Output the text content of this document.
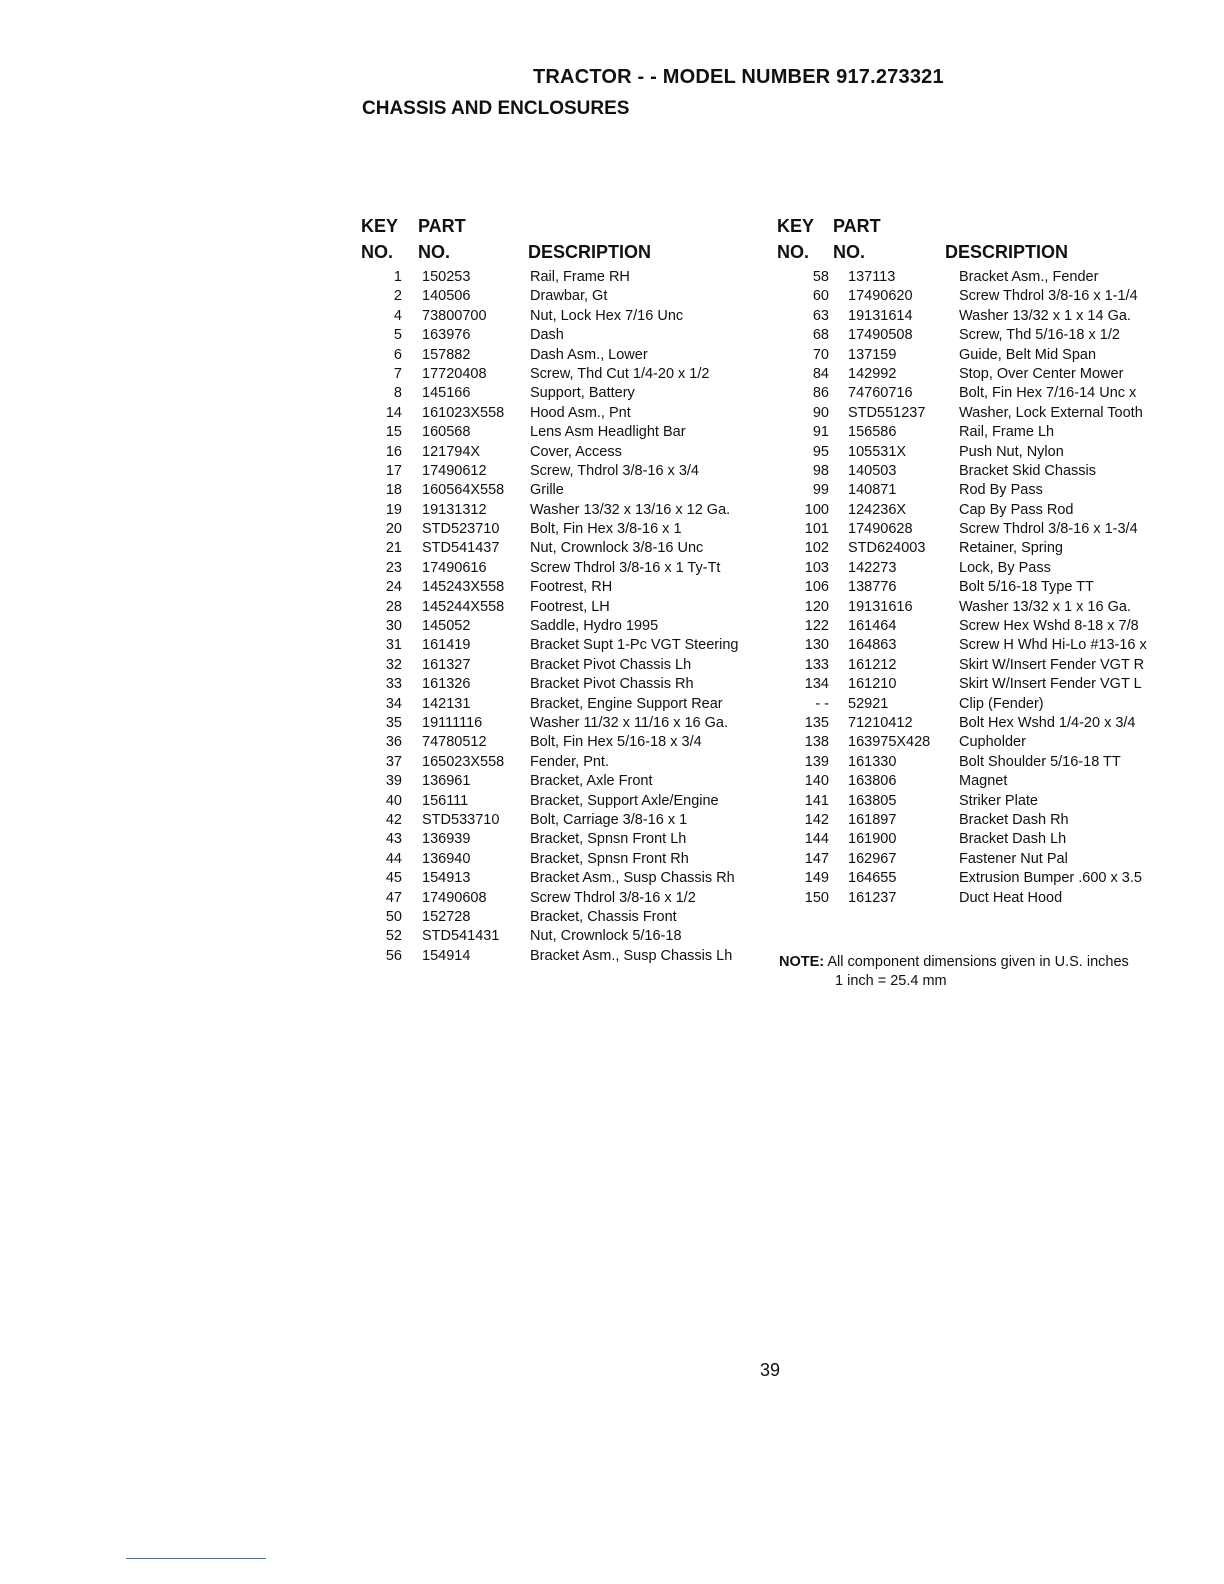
TRACTOR - - MODEL NUMBER 917.273321
CHASSIS AND ENCLOSURES
KEY
NO.
PART
NO.	DESCRIPTION
KEY
NO.
PART
NO.	DESCRIPTION
1 150253	Rail, Frame RH
2 140506	Drawbar, Gt
4 73800700	Nut, Lock Hex 7/16 Unc
5 163976	Dash
6 157882	Dash Asm., Lower
7 17720408	Screw, Thd Cut 1/4-20 x 1/2
8 145166	Support, Battery
14 161023X558 Hood Asm., Pnt
15 160568	Lens Asm Headlight Bar
16 121794X	Cover, Access
17 17490612	Screw, Thdrol 3/8-16 x 3/4
18 160564X558 Grille
19 19131312	Washer 13/32 x 13/16 x 12 Ga.
20 STD523710 Bolt, Fin Hex 3/8-16 x 1
21 STD541437 Nut, Crownlock 3/8-16 Unc
23 17490616	Screw Thdrol 3/8-16 x 1 Ty-Tt
24 145243X558 Footrest, RH
28 145244X558 Footrest, LH
30 145052	Saddle, Hydro 1995
31 161419	Bracket Supt 1-Pc VGT Steering
32 161327	Bracket Pivot Chassis Lh
33 161326	Bracket Pivot Chassis Rh
34 142131	Bracket, Engine Support Rear
35 19111116	Washer 11/32 x 11/16 x 16 Ga.
36 74780512	Bolt, Fin Hex 5/16-18 x 3/4
37 165023X558 Fender, Pnt.
39 136961	Bracket, Axle Front
40 156111	Bracket, Support Axle/Engine
42 STD533710 Bolt, Carriage 3/8-16 x 1
43 136939	Bracket, Spnsn Front Lh
44 136940	Bracket, Spnsn Front Rh
45 154913	Bracket Asm., Susp Chassis Rh
47 17490608	Screw Thdrol 3/8-16 x 1/2
50 152728	Bracket, Chassis Front
52 STD541431 Nut, Crownlock 5/16-18
56 154914	Bracket Asm., Susp Chassis Lh
58 137113	Bracket Asm., Fender
60 17490620	Screw Thdrol 3/8-16 x 1-1/4
63 19131614	Washer 13/32 x 1 x 14 Ga.
68 17490508	Screw, Thd 5/16-18 x 1/2
70 137159	Guide, Belt Mid Span
84 142992	Stop, Over Center Mower
86 74760716	Bolt, Fin Hex 7/16-14 Unc x
90 STD551237 Washer, Lock External Tooth
91 156586	Rail, Frame Lh
95 105531X	Push Nut, Nylon
98 140503	Bracket Skid Chassis
99 140871	Rod By Pass
100 124236X	Cap By Pass Rod
101 17490628	Screw Thdrol 3/8-16 x 1-3/4
102 STD624003 Retainer, Spring
103 142273	Lock, By Pass
106 138776	Bolt 5/16-18 Type TT
120 19131616	Washer 13/32 x 1 x 16 Ga.
122 161464	Screw Hex Wshd 8-18 x 7/8
130 164863	Screw H Whd Hi-Lo #13-16 x
133 161212	Skirt W/Insert Fender VGT R
134 161210	Skirt W/Insert Fender VGT L
- - 52921	Clip (Fender)
135 71210412	Bolt Hex Wshd 1/4-20 x 3/4
138 163975X428 Cupholder
139 161330	Bolt Shoulder 5/16-18 TT
140 163806	Magnet
141 163805	Striker Plate
142 161897	Bracket Dash Rh
144 161900	Bracket Dash Lh
147 162967	Fastener Nut Pal
149 164655	Extrusion Bumper .600 x 3.5
150 161237	Duct Heat Hood
NOTE: All component dimensions given in U.S. inches
1 inch = 25.4 mm
39
